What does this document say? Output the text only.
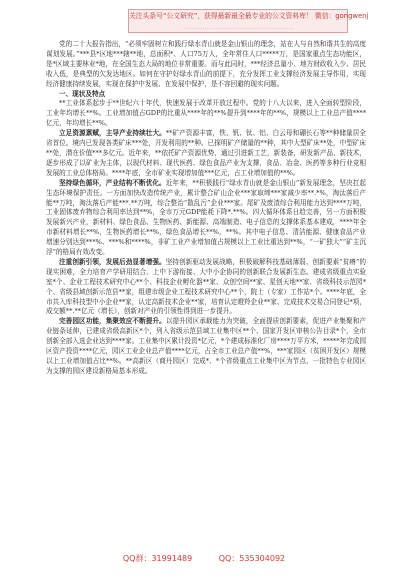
关注头条号“公文研究”，获得最新最全最专业的公文资料库！ 微信：gongwenj
...................................................

党的二十大报告指出，“必须牢固树立和践行绿水青山就是金山银山的理念，站在人与自然和谐共生的高度谋划发展。”***县*区地***辖**地，总面积*、人口75万人，全年常住人口*****万，是国家重点生态功能区，是*区域主要林业*地，在全国生态大局的地位非常重要。而与此同时，***经济总量小、地方财政收入少、居民收入低，是典型的欠发达地区。如何在守护好绿水青山的前提下，充分发挥工业支撑经济发展主导作用，实现经济健康持续发展，实现在保护中发展、在发展中保护，是不容回避的现实问题。

一、现状及特点

**工业体系起步于**世纪六十年代，快速发展于改革开放过程中。党的十八大以来，进入全面转型阶段，工业年均增长**%。工业增加值占GDP的比重从****年的**%提升到****年的**%，规模以上工业总产值****亿元，年均增长**%。

立足资源禀赋，主导产业持续壮大。**矿产资源丰富，铁、钒、钛、铝、白云母和硼长石等**种储量居全省首位。境内已发现各类矿床***处，开发利用的**种。已探明矿产储量的**种，其中大型矿床**处，中型矿床**处，潜在价值***多亿元。近年来，**依托矿产资源优势，通过引进新工艺，新装备，研发新产品、新技术，逐步形成了以矿业为主体，以现代材料、现代医药、绿色食品产业为支撑，食品、冶金、医药等多种行业竞相发展的工业总体格局。****年底，全市矿业实现增加值***亿元，占工业增加值的**%。

坚持绿色循环，产业结构不断优化。近年来，**积极践行“绿水青山就是金山银山”新发展理念，坚决扛起生态环境保护责任。一方面加快改造传统产业，累计整合矿山企业***家取缔***家减少率**.*%，淘汰落后产能**万吨，淘汰落后产能***.**万吨，综合整治“散乱污”企业***家。尾矿及废渣综合利用能力达到****万吨，工业固体废弃物综合利用率达到**%，全市万元GDP能耗下降*.**%。四大循环体系日趋完善，另一方面积极发展新兴产业，新材料、绿色食品、生物医药、新能源、高端制造、电子信息的支撑体系基本建成，****年全市新材料增长**%，生物医药增长**%，绿色食品增长**%，**%。其中电子信息、清洁能源、健康食品产业增速分别达到***%、***%和****%，非矿工业产业增加值占规模以上工业比重达到**%，“一矿独大”“矿主沉浮”的格局有效改变。

注重创新引领，发展后劲显著增强。坚持创新驱动发展战略，积极破解科技基础薄弱、创新要素“贫瘠”的现实困难，全力培育产学研用结合、上中下游衔接、大中小企协同的创新联合发展新生态。建成省级重点实验室*个、企业工程技术研究中心**个、科技企业孵化器**家、众创空间**家、星创天地**家、省级科技示范园*个、省级县域创新示范县**家，组建市级企业工程技术研究中心**个，院士（专家）工作站*个。****年底，全市共入库科技型中小企业**家，认定高新技术企业**家，培育认定瞪羚企业**家、完成技术交易合同登记*项，成交额**.**亿元（增长），创新对产业的引领性得到进一步提升。

完善园区功能，集聚效应不断提升。以提升园区承载能力为突破，全面提质创新要素，促进产业集聚和产业链条延伸，已建成省级高新区*个，列入省级示范县域工业集中区**个、国家开发区审核公告目录*个，全市创新全部入选企业达到****家。工业集中区累计投资*亿元，*个建成标准化厂房****万平方米，*****年完成园区资产投资****亿元，园区工业企业总产值****亿元，占全市工业总产值**%，***家园区（贫困开发区）规模以上工业增加值占比**%。**高新区（商丹园区）完成*、*个省级重点工业集中区为节点、一批特色专业园区为支撑的园区建设新格局基本形成。

QQ群：31991489	QQ：535304092
